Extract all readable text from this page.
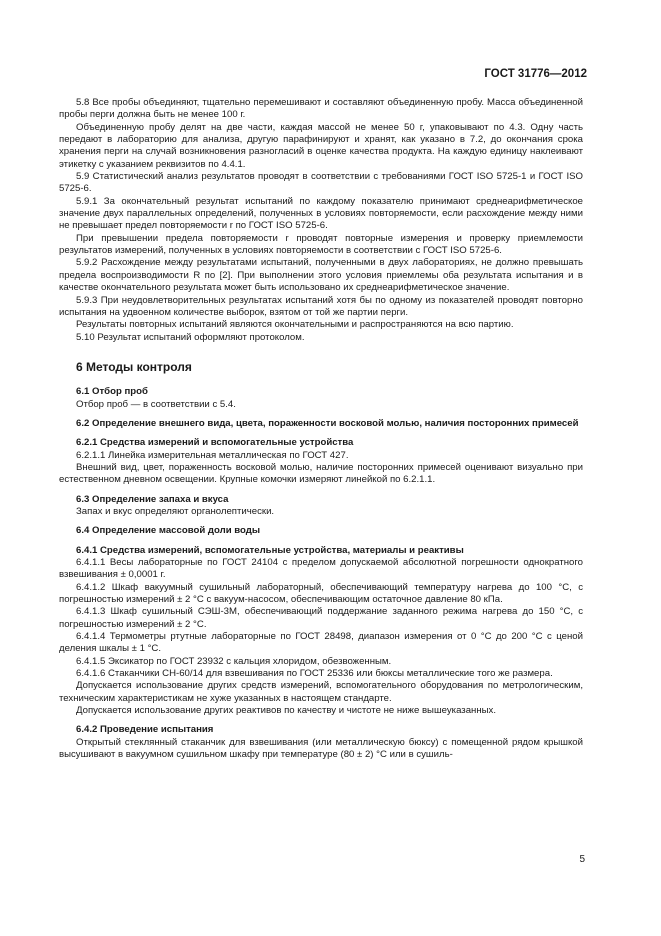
ГОСТ 31776—2012

5.8 Все пробы объединяют, тщательно перемешивают и составляют объединенную пробу. Масса объединенной пробы перги должна быть не менее 100 г.

Объединенную пробу делят на две части, каждая массой не менее 50 г, упаковывают по 4.3. Одну часть передают в лабораторию для анализа, другую парафинируют и хранят, как указано в 7.2, до окончания срока хранения перги на случай возникновения разногласий в оценке качества продукта. На каждую единицу наклеивают этикетку с указанием реквизитов по 4.4.1.

5.9 Статистический анализ результатов проводят в соответствии с требованиями ГОСТ ISO 5725-1 и ГОСТ ISO 5725-6.

5.9.1 За окончательный результат испытаний по каждому показателю принимают среднеарифметическое значение двух параллельных определений, полученных в условиях повторяемости, если расхождение между ними не превышает предел повторяемости r по ГОСТ ISO 5725-6.

При превышении предела повторяемости r проводят повторные измерения и проверку приемлемости результатов измерений, полученных в условиях повторяемости в соответствии с ГОСТ ISO 5725-6.

5.9.2 Расхождение между результатами испытаний, полученными в двух лабораториях, не должно превышать предела воспроизводимости R по [2]. При выполнении этого условия приемлемы оба результата испытания и в качестве окончательного результата может быть использовано их среднеарифметическое значение.

5.9.3 При неудовлетворительных результатах испытаний хотя бы по одному из показателей проводят повторно испытания на удвоенном количестве выборок, взятом от той же партии перги.

Результаты повторных испытаний являются окончательными и распространяются на всю партию.

5.10 Результат испытаний оформляют протоколом.

6 Методы контроля

6.1 Отбор проб

Отбор проб — в соответствии с 5.4.

6.2 Определение внешнего вида, цвета, пораженности восковой молью, наличия посторонних примесей

6.2.1 Средства измерений и вспомогательные устройства

6.2.1.1 Линейка измерительная металлическая по ГОСТ 427.

Внешний вид, цвет, пораженность восковой молью, наличие посторонних примесей оценивают визуально при естественном дневном освещении. Крупные комочки измеряют линейкой по 6.2.1.1.

6.3 Определение запаха и вкуса

Запах и вкус определяют органолептически.

6.4 Определение массовой доли воды

6.4.1 Средства измерений, вспомогательные устройства, материалы и реактивы

6.4.1.1 Весы лабораторные по ГОСТ 24104 с пределом допускаемой абсолютной погрешности однократного взвешивания ± 0,0001 г.

6.4.1.2 Шкаф вакуумный сушильный лабораторный, обеспечивающий температуру нагрева до 100 °С, с погрешностью измерений ± 2 °С с вакуум-насосом, обеспечивающим остаточное давление 80 кПа.

6.4.1.3 Шкаф сушильный СЭШ-3М, обеспечивающий поддержание заданного режима нагрева до 150 °С, с погрешностью измерений ± 2 °С.

6.4.1.4 Термометры ртутные лабораторные по ГОСТ 28498, диапазон измерения от 0 °С до 200 °С с ценой деления шкалы ± 1 °С.

6.4.1.5 Эксикатор по ГОСТ 23932 с кальция хлоридом, обезвоженным.

6.4.1.6 Стаканчики СН-60/14 для взвешивания по ГОСТ 25336 или бюксы металлические того же размера.

Допускается использование других средств измерений, вспомогательного оборудования по метрологическим, техническим характеристикам не хуже указанных в настоящем стандарте.

Допускается использование других реактивов по качеству и чистоте не ниже вышеуказанных.

6.4.2 Проведение испытания

Открытый стеклянный стаканчик для взвешивания (или металлическую бюксу) с помещенной рядом крышкой высушивают в вакуумном сушильном шкафу при температуре (80 ± 2) °С или в сушиль-

5
